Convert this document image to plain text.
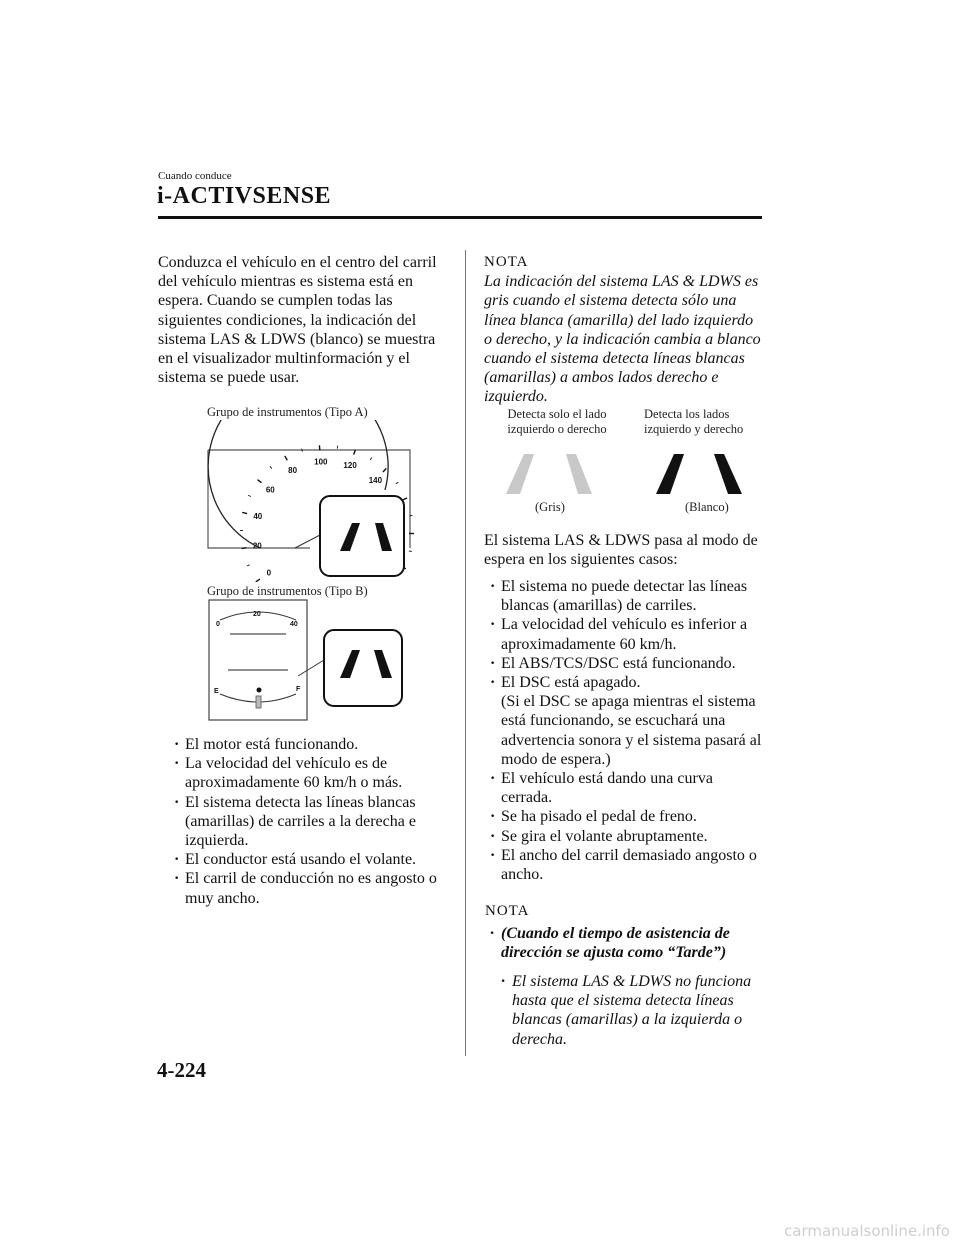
Cuando conduce
i-ACTIVSENSE

Conduzca el vehículo en el centro del carril del vehículo mientras es sistema está en espera. Cuando se cumplen todas las siguientes condiciones, la indicación del sistema LAS & LDWS (blanco) se muestra en el visualizador multinformación y el sistema se puede usar.

Grupo de instrumentos (Tipo A)
0
20
40
60
80
100 120
140
Grupo de instrumentos (Tipo B)
0
20
40
E	F
· El motor está funcionando.
· La velocidad del vehículo es de aproximadamente 60 km/h o más.
· El sistema detecta las líneas blancas (amarillas) de carriles a la derecha e izquierda.
· El conductor está usando el volante.
· El carril de conducción no es angosto o muy ancho.

NOTA

La indicación del sistema LAS & LDWS es gris cuando el sistema detecta sólo una línea blanca (amarilla) del lado izquierdo o derecho, y la indicación cambia a blanco cuando el sistema detecta líneas blancas (amarillas) a ambos lados derecho e izquierdo.

Detecta solo el lado
izquierdo o derecho
Detecta los lados
izquierdo y derecho
(Gris)	(Blanco)

El sistema LAS & LDWS pasa al modo de espera en los siguientes casos:

· El sistema no puede detectar las líneas blancas (amarillas) de carriles.
· La velocidad del vehículo es inferior a aproximadamente 60 km/h.
· El ABS/TCS/DSC está funcionando.
· El DSC está apagado.
(Si el DSC se apaga mientras el sistema está funcionando, se escuchará una advertencia sonora y el sistema pasará al modo de espera.)
· El vehículo está dando una curva cerrada.
· Se ha pisado el pedal de freno.
· Se gira el volante abruptamente.
· El ancho del carril demasiado angosto o ancho.
NOTA
· (Cuando el tiempo de asistencia de dirección se ajusta como “Tarde”)
· El sistema LAS & LDWS no funciona hasta que el sistema detecta líneas blancas (amarillas) a la izquierda o derecha.
4-224
carmanualsonline.info
